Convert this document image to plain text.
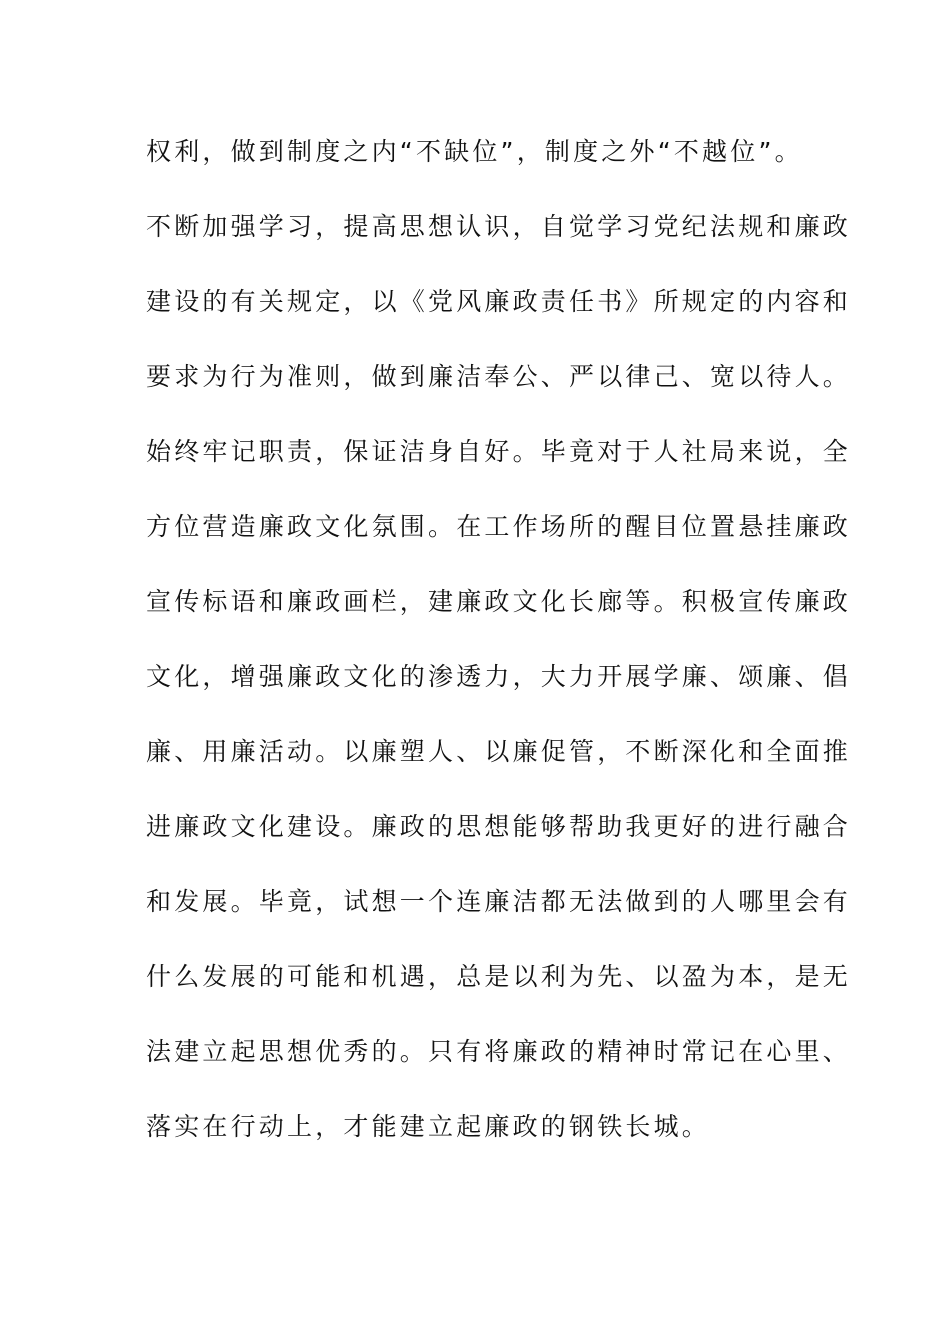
权利，做到制度之内“不缺位”，制度之外“不越位”。
不断加强学习，提高思想认识，自觉学习党纪法规和廉政
建设的有关规定，以《党风廉政责任书》所规定的内容和
要求为行为准则，做到廉洁奉公、严以律己、宽以待人。
始终牢记职责，保证洁身自好。毕竟对于人社局来说，全
方位营造廉政文化氛围。在工作场所的醒目位置悬挂廉政
宣传标语和廉政画栏，建廉政文化长廊等。积极宣传廉政
文化，增强廉政文化的渗透力，大力开展学廉、颂廉、倡
廉、用廉活动。以廉塑人、以廉促管，不断深化和全面推
进廉政文化建设。廉政的思想能够帮助我更好的进行融合
和发展。毕竟，试想一个连廉洁都无法做到的人哪里会有
什么发展的可能和机遇，总是以利为先、以盈为本，是无
法建立起思想优秀的。只有将廉政的精神时常记在心里、
落实在行动上，才能建立起廉政的钢铁长城。
